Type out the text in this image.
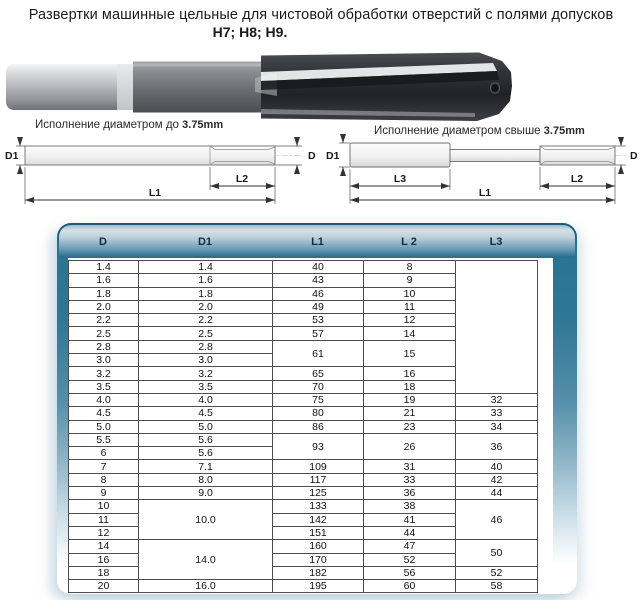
Развертки машинные цельные для чистовой обработки отверстий с полями допусков
H7; H8; H9.
Исполнение диаметром до 3.75mm	Исполнение диаметром свыше 3.75mm
D1	D
L2
L1
D1	D
L3	L2
L1
D	D1	L1	L 2	L3
1.4	1.4	40	8	
1.6	1.6	43	9	
1.8	1.8	46	10	
2.0	2.0	49	11	
2.2	2.2	53	12	
2.5	2.5	57	14	
2.8	2.8	61	15	
3.0	3.0			
3.2	3.2	65	16	
3.5	3.5	70	18	
4.0	4.0	75	19	32
4.5	4.5	80	21	33
5.0	5.0	86	23	34
5.5	5.6	93	26	36
6	5.6			
7	7.1	109	31	40
8	8.0	117	33	42
9	9.0	125	36	44
10	10.0	133	38	46
11		142	41	
12		151	44	
14	14.0	160	47	50
16		170	52	
18		182	56	52
20	16.0	195	60	58
